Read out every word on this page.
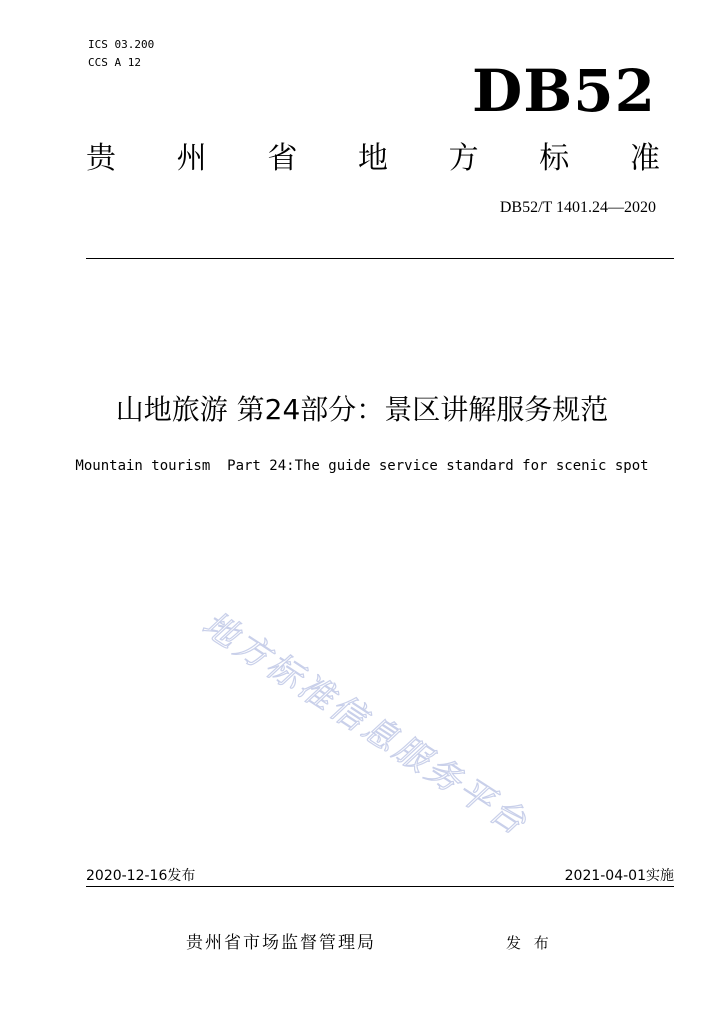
ICS 03.200
CCS A 12	DB52
贵 州 省 地 方 标 准
DB52/T 1401.24—2020
山地旅游 第24部分：景区讲解服务规范
Mountain tourism  Part 24:The guide service standard for scenic spot
地方标准信息服务平台
2020-12-16发布	2021-04-01实施
贵州省市场监督管理局	发 布
